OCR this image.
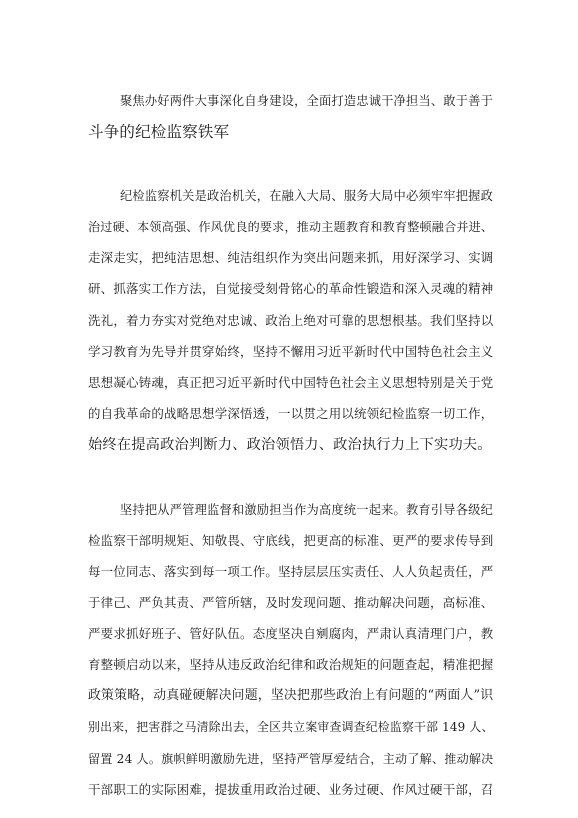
聚焦办好两件大事深化自身建设，全面打造忠诚干净担当、敢于善于
斗争的纪检监察铁军
纪检监察机关是政治机关，在融入大局、服务大局中必须牢牢把握政
治过硬、本领高强、作风优良的要求，推动主题教育和教育整顿融合并进、
走深走实，把纯洁思想、纯洁组织作为突出问题来抓，用好深学习、实调
研、抓落实工作方法，自觉接受刻骨铭心的革命性锻造和深入灵魂的精神
洗礼，着力夯实对党绝对忠诚、政治上绝对可靠的思想根基。我们坚持以
学习教育为先导并贯穿始终，坚持不懈用习近平新时代中国特色社会主义
思想凝心铸魂，真正把习近平新时代中国特色社会主义思想特别是关于党
的自我革命的战略思想学深悟透，一以贯之用以统领纪检监察一切工作，
始终在提高政治判断力、政治领悟力、政治执行力上下实功夫。
坚持把从严管理监督和激励担当作为高度统一起来。教育引导各级纪
检监察干部明规矩、知敬畏、守底线，把更高的标准、更严的要求传导到
每一位同志、落实到每一项工作。坚持层层压实责任、人人负起责任，严
于律己、严负其责、严管所辖，及时发现问题、推动解决问题，高标准、
严要求抓好班子、管好队伍。态度坚决自剜腐肉，严肃认真清理门户，教
育整顿启动以来，坚持从违反政治纪律和政治规矩的问题查起，精准把握
政策策略，动真碰硬解决问题，坚决把那些政治上有问题的“两面人”识
别出来，把害群之马清除出去，全区共立案审查调查纪检监察干部 149 人、
留置 24 人。旗帜鲜明激励先进，坚持严管厚爱结合，主动了解、推动解决
干部职工的实际困难，提拔重用政治过硬、业务过硬、作风过硬干部，召
